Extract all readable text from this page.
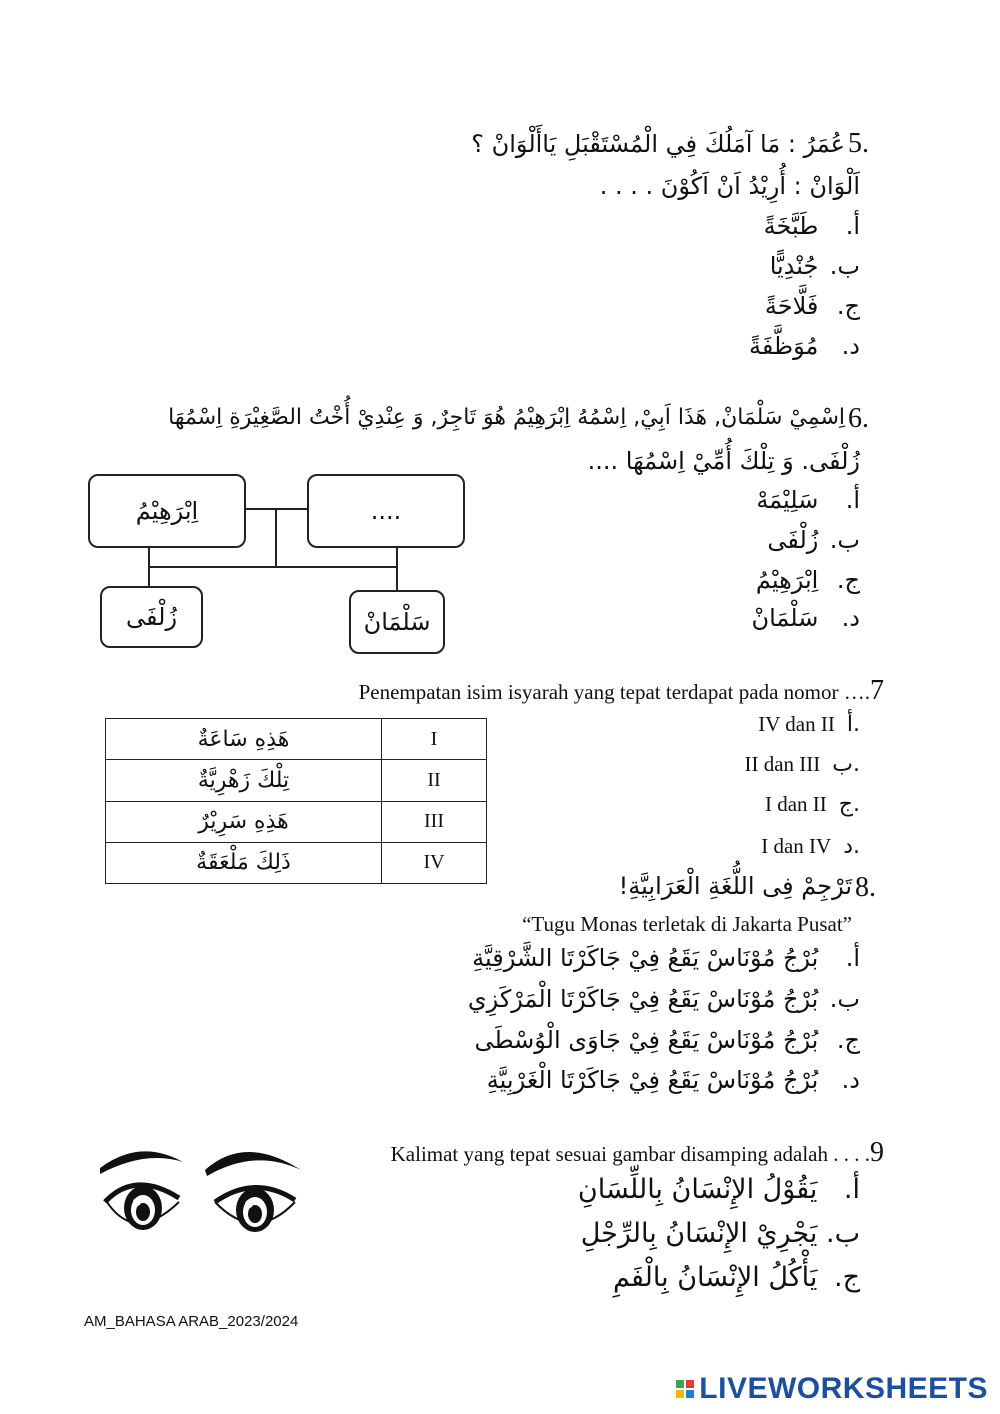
5.
عُمَرُ : مَا آمَلُكَ فِي الْمُسْتَقْبَلِ يَاأَلْوَانْ ؟
اَلْوَانْ : أُرِيْدُ اَنْ اَكُوْنَ . . . .
أ. طَبَّخَةً
ب. جُنْدِيًّا
ج. فَلَّاحَةً
د. مُوَظَّفَةً
6.
اِسْمِيْ سَلْمَانْ, هَذَا اَبِيْ, اِسْمُهُ اِبْرَهِيْمُ هُوَ تَاجِرٌ, وَ عِنْدِيْ أُخْتُ الصَّغِيْرَةِ اِسْمُهَا
زُلْفَى. وَ تِلْكَ أُمِّيْ اِسْمُهَا ....
اِبْرَهِيْمُ	....
زُلْفَى	سَلْمَانْ
أ. سَلِيْمَهْ
ب. زُلْفَى
ج. اِبْرَهِيْمُ
د. سَلْمَانْ
Penempatan isim isyarah yang tepat terdapat pada nomor ….7
هَذِهِ سَاعَةٌ	I
تِلْكَ زَهْرِيَّةٌ	II
هَذِهِ سَرِيْرٌ	III
ذَلِكَ مَلْعَقَةٌ	IV
IV dan II أ.
II dan III ب.
I dan II ج.
I dan IV د.
8.
تَرْجِمْ فِى اللُّغَةِ الْعَرَابِيَّةِ!
“Tugu Monas terletak di Jakarta Pusat”
أ. بُرْجُ مُوْنَاسْ يَقَعُ فِيْ جَاكَرْتَا الشَّرْقِيَّةِ
ب. بُرْجُ مُوْنَاسْ يَقَعُ فِيْ جَاكَرْتَا الْمَرْكَزِي
ج. بُرْجُ مُوْنَاسْ يَقَعُ فِيْ جَاوَى الْوُسْطَى
د. بُرْجُ مُوْنَاسْ يَقَعُ فِيْ جَاكَرْتَا الْغَرْبِيَّةِ
Kalimat yang tepat sesuai gambar disamping adalah . . . .9
أ. يَقُوْلُ الإِنْسَانُ بِاللِّسَانِ
ب. يَجْرِيْ الإِنْسَانُ بِالرِّجْلِ
ج. يَأْكُلُ الإِنْسَانُ بِالْفَمِ
AM_BAHASA ARAB_2023/2024
LIVEWORKSHEETS
